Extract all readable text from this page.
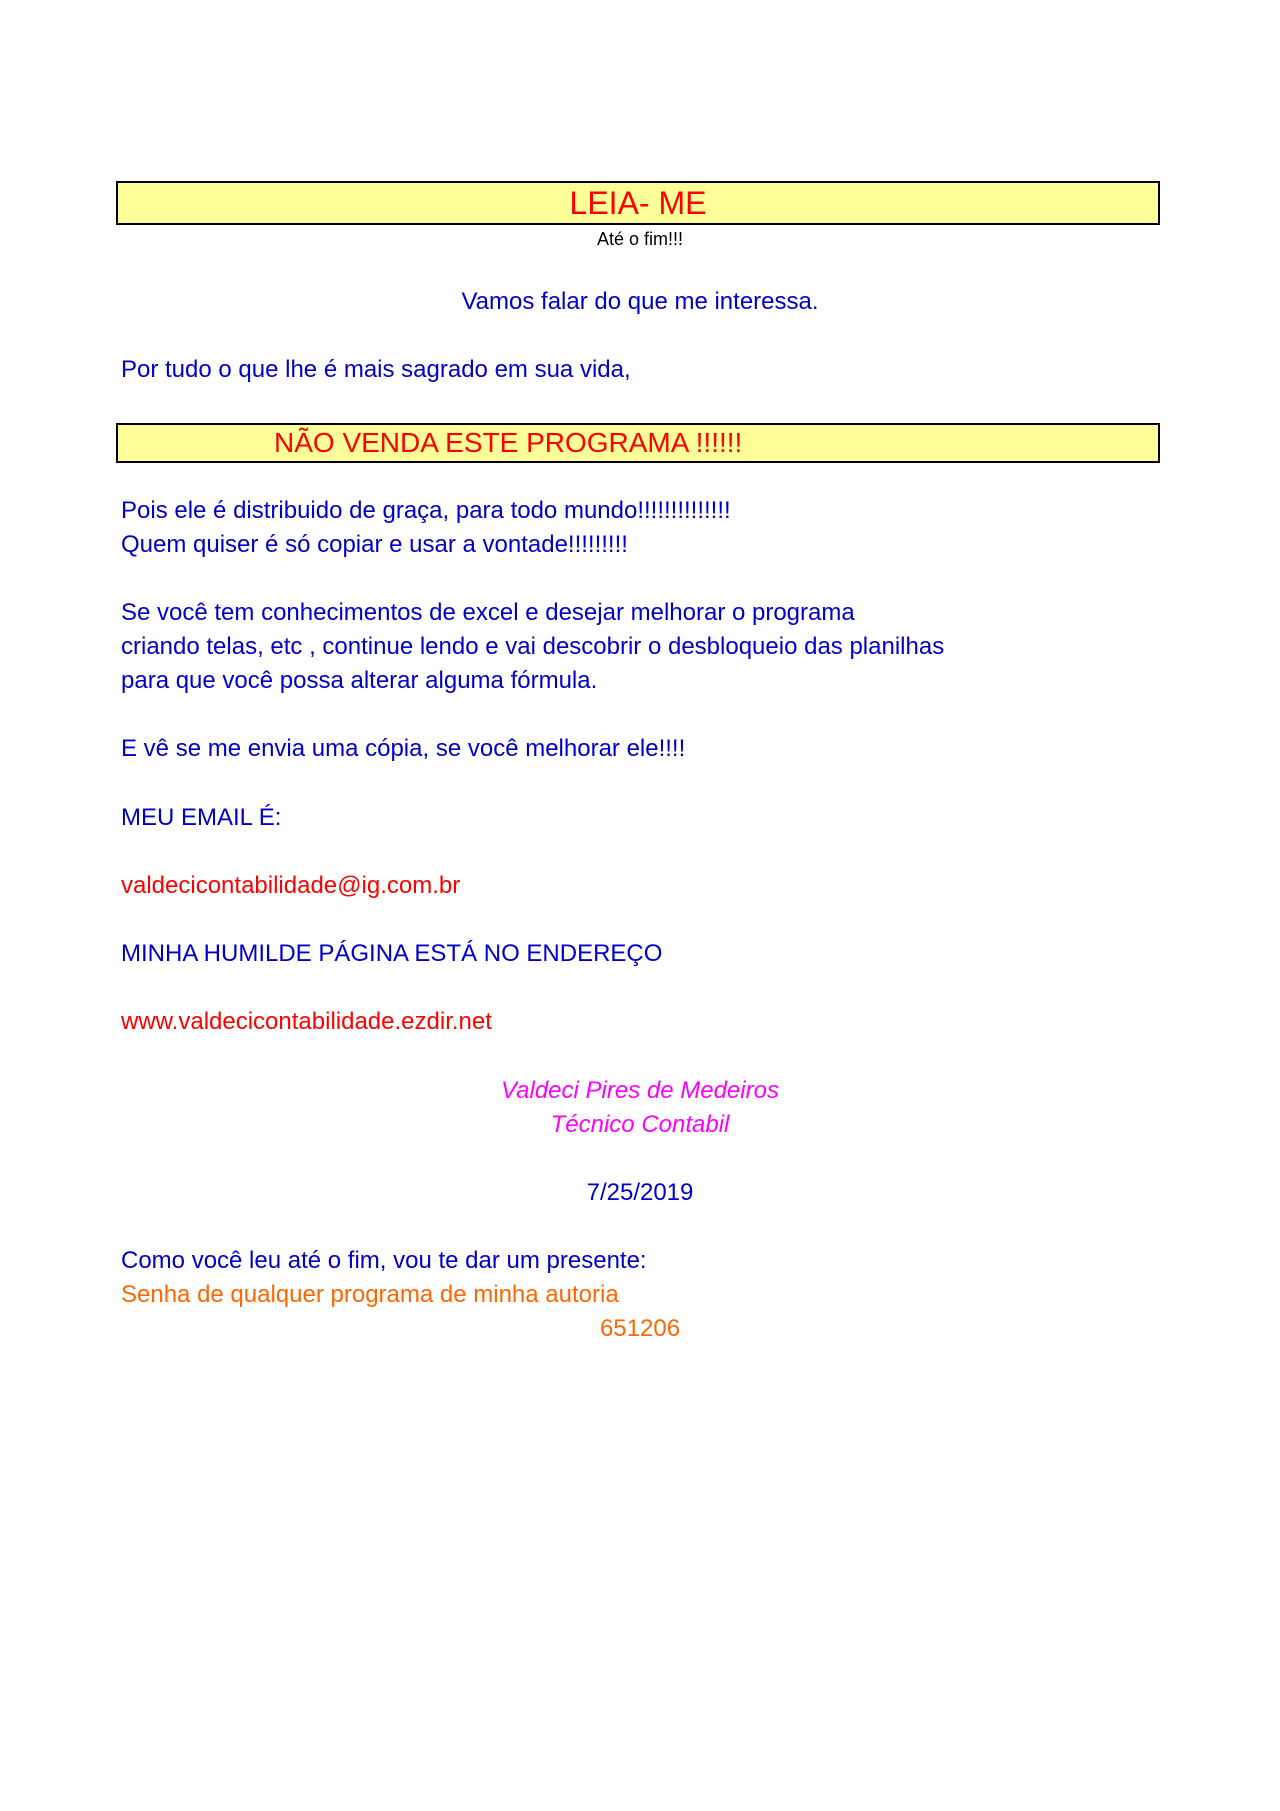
LEIA- ME
Até o fim!!!
Vamos falar do que me interessa.
Por tudo o que lhe é mais sagrado em sua vida,
NÃO VENDA ESTE PROGRAMA !!!!!!
Pois ele é distribuido de graça, para todo mundo!!!!!!!!!!!!!!
Quem quiser é só copiar e usar a vontade!!!!!!!!!
Se você tem conhecimentos de excel e desejar melhorar o programa
criando telas, etc , continue lendo e vai descobrir o desbloqueio das planilhas
para que você possa alterar alguma fórmula.
E vê se me envia uma cópia, se você melhorar ele!!!!
MEU EMAIL É:
valdecicontabilidade@ig.com.br
MINHA HUMILDE PÁGINA ESTÁ NO ENDEREÇO
www.valdecicontabilidade.ezdir.net
Valdeci Pires de Medeiros
Técnico Contabil
7/25/2019
Como você leu até o fim, vou te dar um presente:
Senha de qualquer programa de minha autoria
651206
